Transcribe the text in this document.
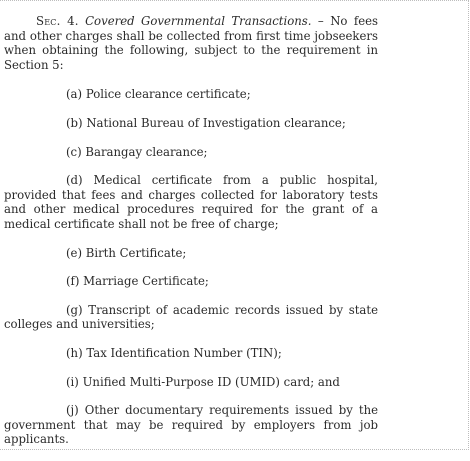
Sec. 4. Covered Governmental Transactions. – No fees and other charges shall be collected from first time jobseekers when obtaining the following, subject to the requirement in Section 5:

(a) Police clearance certificate;

(b) National Bureau of Investigation clearance;

(c) Barangay clearance;

(d) Medical certificate from a public hospital, provided that fees and charges collected for laboratory tests and other medical procedures required for the grant of a medical certificate shall not be free of charge;

(e) Birth Certificate;

(f) Marriage Certificate;

(g) Transcript of academic records issued by state colleges and universities;

(h) Tax Identification Number (TIN);

(i) Unified Multi-Purpose ID (UMID) card; and

(j) Other documentary requirements issued by the government that may be required by employers from job applicants.
